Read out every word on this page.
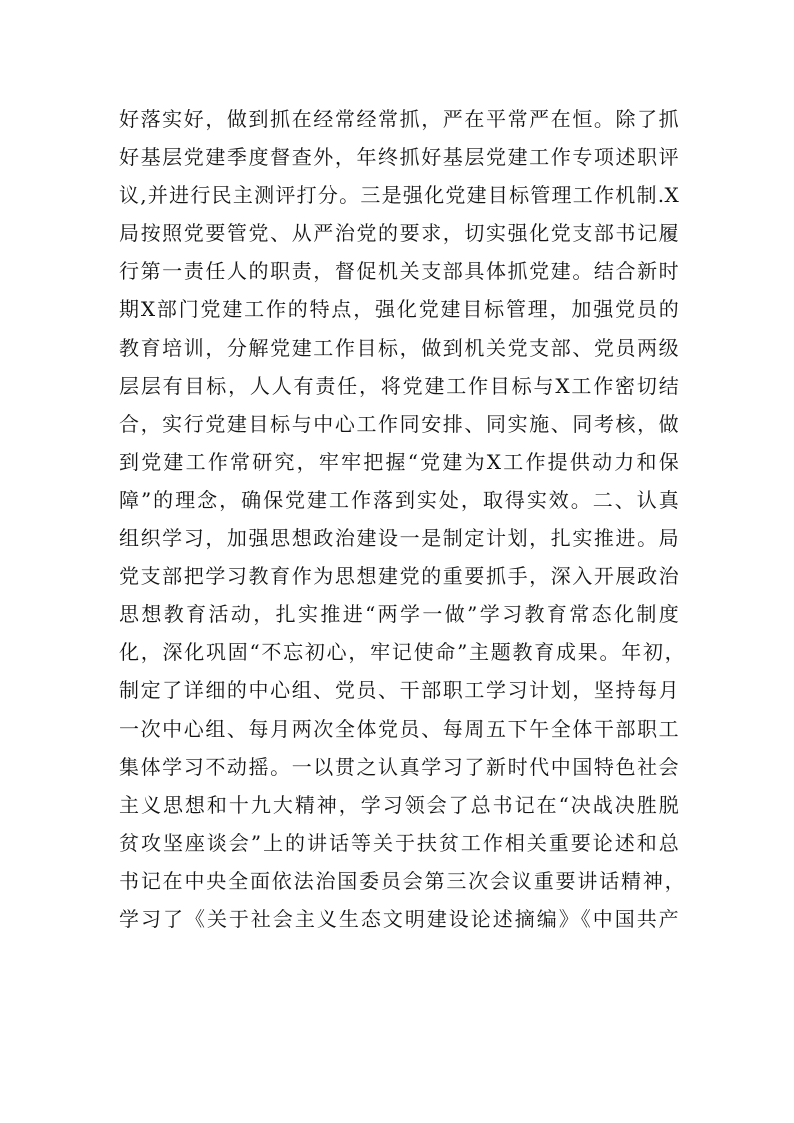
好落实好，做到抓在经常经常抓，严在平常严在恒。除了抓
好基层党建季度督查外，年终抓好基层党建工作专项述职评
议,并进行民主测评打分。三是强化党建目标管理工作机制.X
局按照党要管党、从严治党的要求，切实强化党支部书记履
行第一责任人的职责，督促机关支部具体抓党建。结合新时
期X部门党建工作的特点，强化党建目标管理，加强党员的
教育培训，分解党建工作目标，做到机关党支部、党员两级
层层有目标，人人有责任，将党建工作目标与X工作密切结
合，实行党建目标与中心工作同安排、同实施、同考核，做
到党建工作常研究，牢牢把握“党建为X工作提供动力和保
障”的理念，确保党建工作落到实处，取得实效。二、认真
组织学习，加强思想政治建设一是制定计划，扎实推进。局
党支部把学习教育作为思想建党的重要抓手，深入开展政治
思想教育活动，扎实推进“两学一做”学习教育常态化制度
化，深化巩固“不忘初心，牢记使命”主题教育成果。年初，
制定了详细的中心组、党员、干部职工学习计划，坚持每月
一次中心组、每月两次全体党员、每周五下午全体干部职工
集体学习不动摇。一以贯之认真学习了新时代中国特色社会
主义思想和十九大精神，学习领会了总书记在“决战决胜脱
贫攻坚座谈会”上的讲话等关于扶贫工作相关重要论述和总
书记在中央全面依法治国委员会第三次会议重要讲话精神，
学习了《关于社会主义生态文明建设论述摘编》《中国共产
